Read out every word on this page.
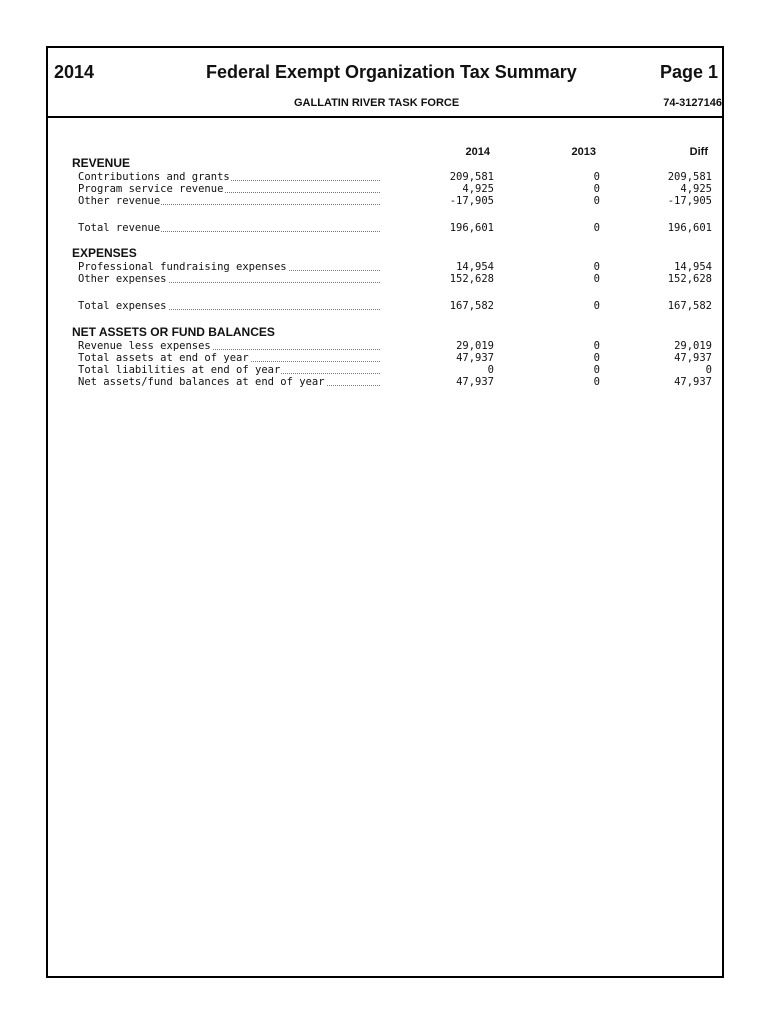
2014	Federal Exempt Organization Tax Summary	Page 1
GALLATIN RIVER TASK FORCE	74-3127146
2014	2013	Diff
REVENUE
Contributions and grants	209,581	0	209,581
Program service revenue	4,925	0	4,925
Other revenue	-17,905	0	-17,905
Total revenue	196,601	0	196,601
EXPENSES
Professional fundraising expenses	14,954	0	14,954
Other expenses	152,628	0	152,628
Total expenses	167,582	0	167,582
NET ASSETS OR FUND BALANCES
Revenue less expenses	29,019	0	29,019
Total assets at end of year	47,937	0	47,937
Total liabilities at end of year	0	0	0
Net assets/fund balances at end of year	47,937	0	47,937
